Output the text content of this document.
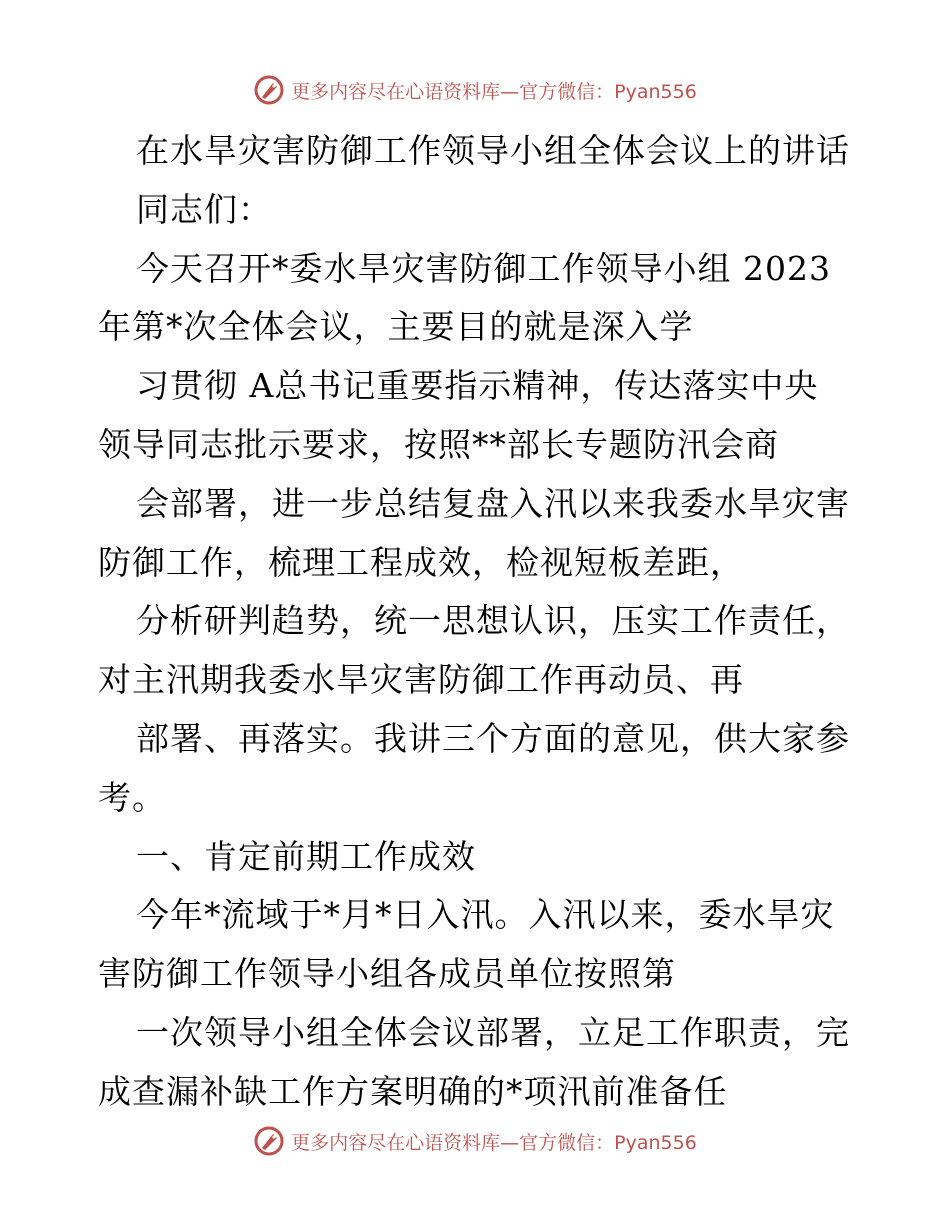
更多内容尽在心语资料库—官方微信：Pyan556
在水旱灾害防御工作领导小组全体会议上的讲话
同志们：
今天召开*委水旱灾害防御工作领导小组 2023
年第*次全体会议，主要目的就是深入学
习贯彻 A总书记重要指示精神，传达落实中央
领导同志批示要求，按照**部长专题防汛会商
会部署，进一步总结复盘入汛以来我委水旱灾害
防御工作，梳理工程成效，检视短板差距，
分析研判趋势，统一思想认识，压实工作责任，
对主汛期我委水旱灾害防御工作再动员、再
部署、再落实。我讲三个方面的意见，供大家参
考。
一、肯定前期工作成效
今年*流域于*月*日入汛。入汛以来，委水旱灾
害防御工作领导小组各成员单位按照第
一次领导小组全体会议部署，立足工作职责，完
成查漏补缺工作方案明确的*项汛前准备任
更多内容尽在心语资料库—官方微信：Pyan556
